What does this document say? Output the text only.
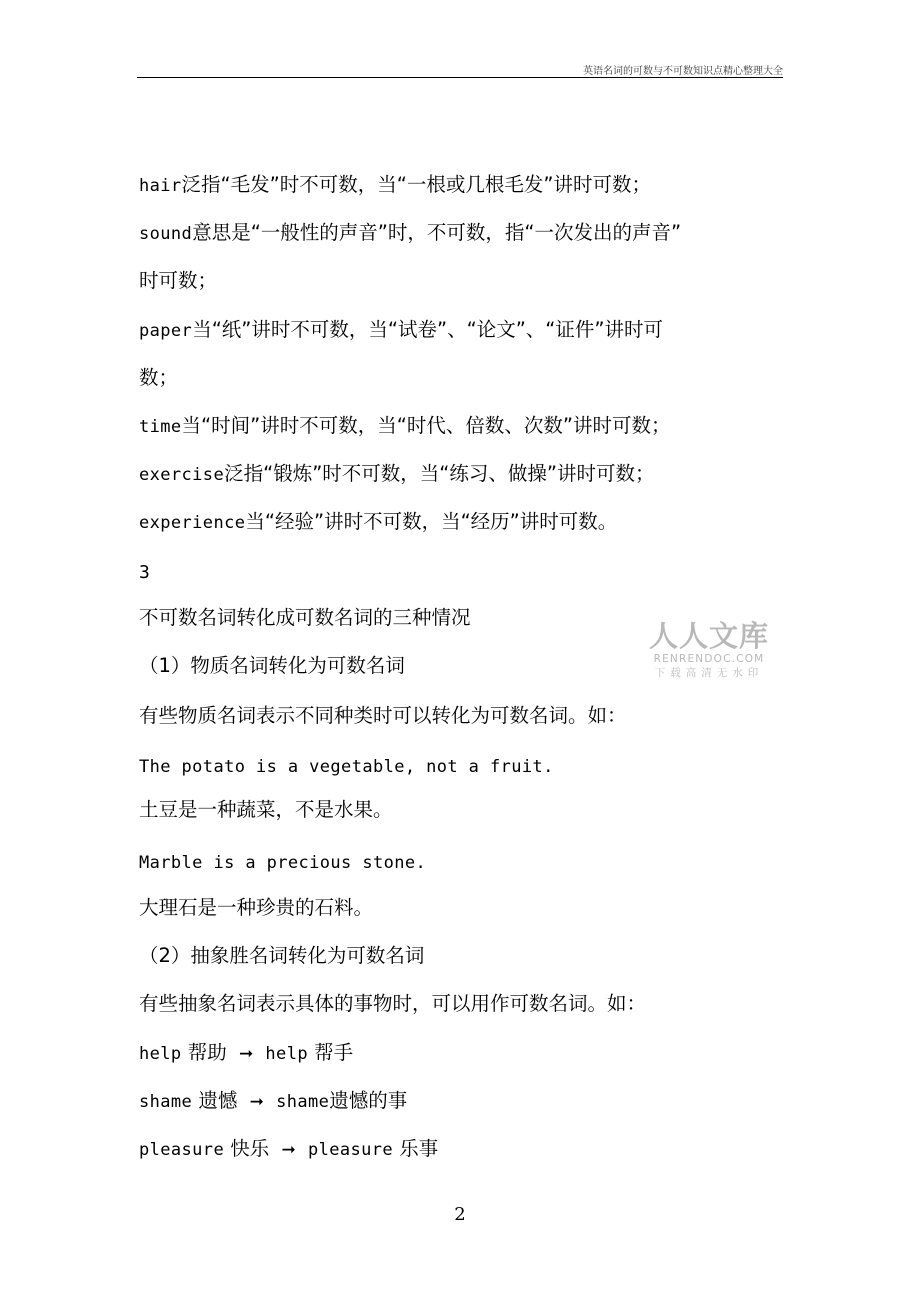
英语名词的可数与不可数知识点精心整理大全
hair泛指“毛发”时不可数，当“一根或几根毛发”讲时可数；
sound意思是“一般性的声音”时，不可数，指“一次发出的声音”
时可数；
paper当“纸”讲时不可数，当“试卷”、“论文”、“证件”讲时可
数；
time当“时间”讲时不可数，当“时代、倍数、次数”讲时可数；
exercise泛指“锻炼”时不可数，当“练习、做操”讲时可数；
experience当“经验”讲时不可数，当“经历”讲时可数。
3
不可数名词转化成可数名词的三种情况
（1）物质名词转化为可数名词
有些物质名词表示不同种类时可以转化为可数名词。如：
The potato is a vegetable, not a fruit.
土豆是一种蔬菜，不是水果。
Marble is a precious stone.
大理石是一种珍贵的石料。
（2）抽象胜名词转化为可数名词
有些抽象名词表示具体的事物时，可以用作可数名词。如：
help 帮助 ➞ help 帮手
shame 遗憾 ➞ shame遗憾的事
pleasure 快乐 ➞ pleasure 乐事
人人文库
RENRENDOC.COM
下载高清无水印
2
